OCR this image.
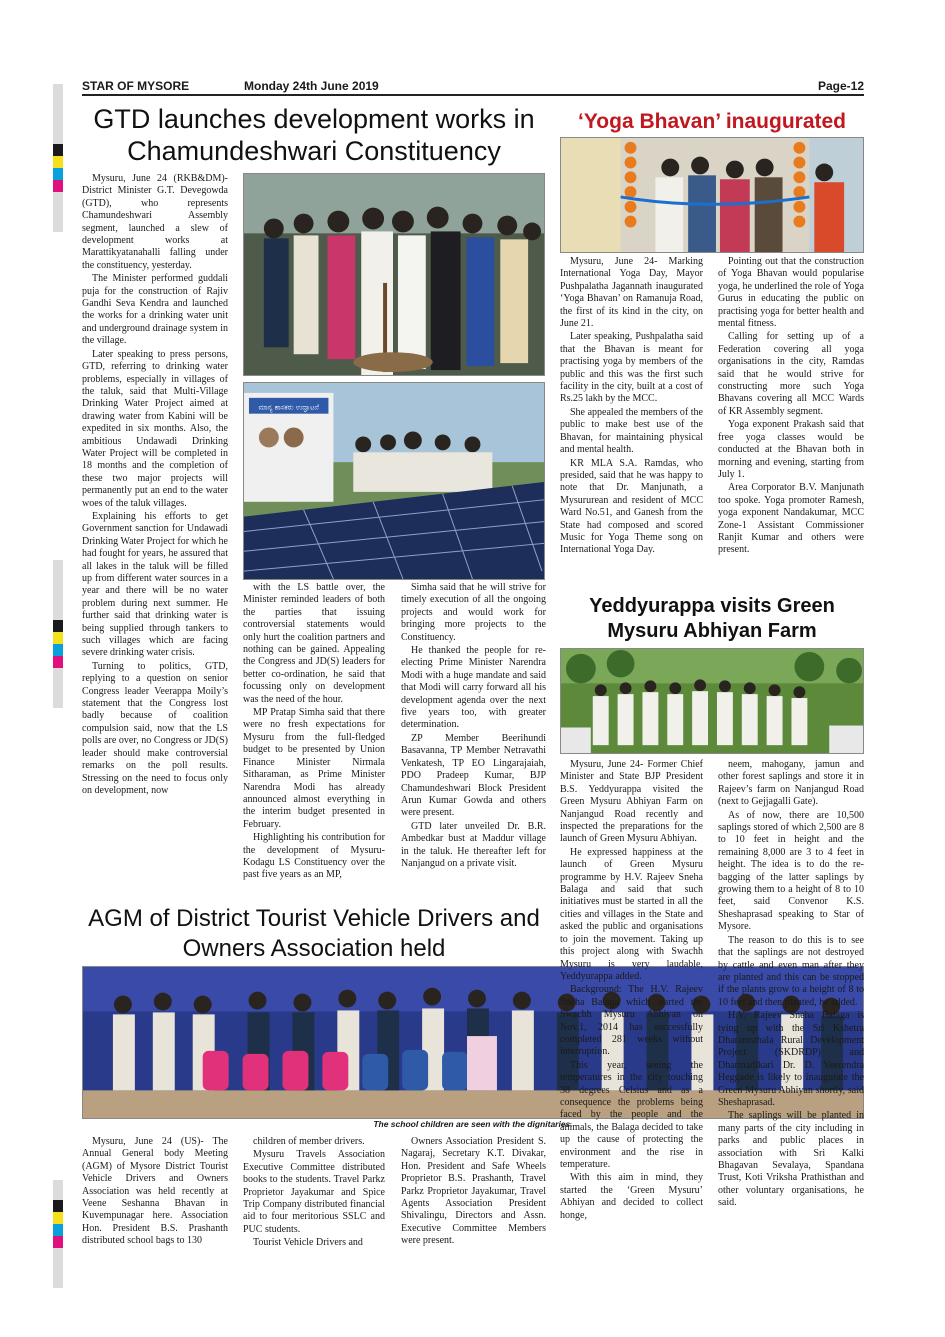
STAR OF MYSORE	Monday 24th June 2019	Page-12
GTD launches development works in Chamundeshwari Constituency
‘Yoga Bhavan’ inaugurated
Yeddyurappa visits Green Mysuru Abhiyan Farm
AGM of District Tourist Vehicle Drivers and Owners Association held
ಮಾನ್ಯ ಶಾಸಕರು ಉದ್ಘಾಟನೆ
The school children are seen with the dignitaries.

Mysuru, June 24 (RKB&DM)- District Minister G.T. Devegowda (GTD), who represents Chamundeshwari Assembly segment, launched a slew of development works at Marattikyatanahalli falling under the constituency, yesterday.

The Minister performed guddali puja for the construction of Rajiv Gandhi Seva Kendra and launched the works for a drinking water unit and underground drainage system in the village.

Later speaking to press persons, GTD, referring to drinking water problems, especially in villages of the taluk, said that Multi-Village Drinking Water Project aimed at drawing water from Kabini will be expedited in six months. Also, the ambitious Undawadi Drinking Water Project will be completed in 18 months and the completion of these two major projects will permanently put an end to the water woes of the taluk villages.

Explaining his efforts to get Government sanction for Undawadi Drinking Water Project for which he had fought for years, he assured that all lakes in the taluk will be filled up from different water sources in a year and there will be no water problem during next summer. He further said that drinking water is being supplied through tankers to such villages which are facing severe drinking water crisis.

Turning to politics, GTD, replying to a question on senior Congress leader Veerappa Moily’s statement that the Congress lost badly because of coalition compulsion said, now that the LS polls are over, no Congress or JD(S) leader should make controversial remarks on the poll results. Stressing on the need to focus only on development, now

with the LS battle over, the Minister reminded leaders of both the parties that issuing controversial statements would only hurt the coalition partners and nothing can be gained. Appealing the Congress and JD(S) leaders for better co-ordination, he said that focussing only on development was the need of the hour.

MP Pratap Simha said that there were no fresh expectations for Mysuru from the full-fledged budget to be presented by Union Finance Minister Nirmala Sitharaman, as Prime Minister Narendra Modi has already announced almost everything in the interim budget presented in February.

Highlighting his contribution for the development of Mysuru-Kodagu LS Constituency over the past five years as an MP,

Simha said that he will strive for timely execution of all the ongoing projects and would work for bringing more projects to the Constituency.

He thanked the people for re-electing Prime Minister Narendra Modi with a huge mandate and said that Modi will carry forward all his development agenda over the next five years too, with greater determination.

ZP Member Beerihundi Basavanna, TP Member Netravathi Venkatesh, TP EO Lingarajaiah, PDO Pradeep Kumar, BJP Chamundeshwari Block President Arun Kumar Gowda and others were present.

GTD later unveiled Dr. B.R. Ambedkar bust at Maddur village in the taluk. He thereafter left for Nanjangud on a private visit.

Mysuru, June 24- Marking International Yoga Day, Mayor Pushpalatha Jagannath inaugurated ‘Yoga Bhavan’ on Ramanuja Road, the first of its kind in the city, on June 21.

Later speaking, Pushpalatha said that the Bhavan is meant for practising yoga by members of the public and this was the first such facility in the city, built at a cost of Rs.25 lakh by the MCC.

She appealed the members of the public to make best use of the Bhavan, for maintaining physical and mental health.

KR MLA S.A. Ramdas, who presided, said that he was happy to note that Dr. Manjunath, a Mysururean and resident of MCC Ward No.51, and Ganesh from the State had composed and scored Music for Yoga Theme song on International Yoga Day.

Pointing out that the construction of Yoga Bhavan would popularise yoga, he underlined the role of Yoga Gurus in educating the public on practising yoga for better health and mental fitness.

Calling for setting up of a Federation covering all yoga organisations in the city, Ramdas said that he would strive for constructing more such Yoga Bhavans covering all MCC Wards of KR Assembly segment.

Yoga exponent Prakash said that free yoga classes would be conducted at the Bhavan both in morning and evening, starting from July 1.

Area Corporator B.V. Manjunath too spoke. Yoga promoter Ramesh, yoga exponent Nandakumar, MCC Zone-1 Assistant Commissioner Ranjit Kumar and others were present.

Mysuru, June 24- Former Chief Minister and State BJP President B.S. Yeddyurappa visited the Green Mysuru Abhiyan Farm on Nanjangud Road recently and inspected the preparations for the launch of Green Mysuru Abhiyan.

He expressed happiness at the launch of Green Mysuru programme by H.V. Rajeev Sneha Balaga and said that such initiatives must be started in all the cities and villages in the State and asked the public and organisations to join the movement. Taking up this project along with Swachh Mysuru is very laudable, Yeddyurappa added.

Background: The H.V. Rajeev Sneha Balaga which started the Swachh Mysuru Abhiyan on Nov.1, 2014 has successfully completed 281 weeks without interruption.

This year, seeing the temperatures in the city touching 38 degrees Celsius and as a consequence the problems being faced by the people and the animals, the Balaga decided to take up the cause of protecting the environment and the rise in temperature.

With this aim in mind, they started the ‘Green Mysuru’ Abhiyan and decided to collect honge,

neem, mahogany, jamun and other forest saplings and store it in Rajeev’s farm on Nanjangud Road (next to Gejjagalli Gate).

As of now, there are 10,500 saplings stored of which 2,500 are 8 to 10 feet in height and the remaining 8,000 are 3 to 4 feet in height. The idea is to do the re-bagging of the latter saplings by growing them to a height of 8 to 10 feet, said Convenor K.S. Sheshaprasad speaking to Star of Mysore.

The reason to do this is to see that the saplings are not destroyed by cattle and even man after they are planted and this can be stopped if the plants grow to a height of 8 to 10 feet and then planted, he added.

H.V. Rajeev Sneha Balaga is tying up with the Sri Kshetra Dharamsthala Rural Development Project (SKDRDP) and Dharmadikari Dr. D. Veerendra Heggade is likely to inaugurate the Green Mysuru Abhiyan shortly, said Sheshaprasad.

The saplings will be planted in many parts of the city including in parks and public places in association with Sri Kalki Bhagavan Sevalaya, Spandana Trust, Koti Vriksha Prathisthan and other voluntary organisations, he said.

Mysuru, June 24 (US)- The Annual General body Meeting (AGM) of Mysore District Tourist Vehicle Drivers and Owners Association was held recently at Veene Seshanna Bhavan in Kuvempunagar here. Association Hon. President B.S. Prashanth distributed school bags to 130

children of member drivers.

Mysuru Travels Association Executive Committee distributed books to the students. Travel Parkz Proprietor Jayakumar and Spice Trip Company distributed financial aid to four meritorious SSLC and PUC students.

Tourist Vehicle Drivers and

Owners Association President S. Nagaraj, Secretary K.T. Divakar, Hon. President and Safe Wheels Proprietor B.S. Prashanth, Travel Parkz Proprietor Jayakumar, Travel Agents Association President Shivalingu, Directors and Assn. Executive Committee Members were present.
